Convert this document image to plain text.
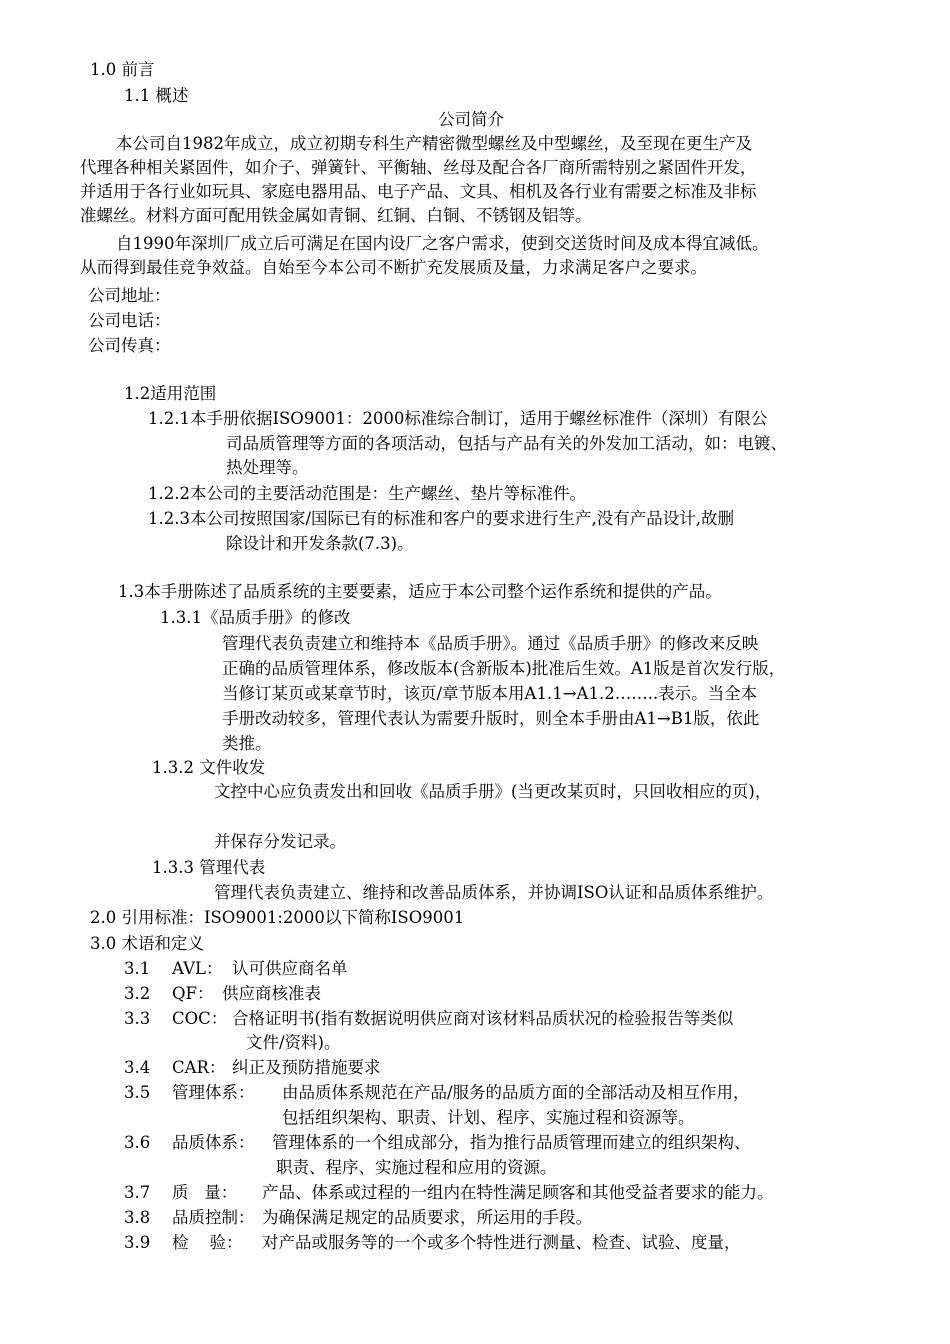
1.0 前言

1.1 概述

公司简介

本公司自1982年成立，成立初期专科生产精密微型螺丝及中型螺丝，及至现在更生产及

代理各种相关紧固件，如介子、弹簧针、平衡轴、丝母及配合各厂商所需特别之紧固件开发，

并适用于各行业如玩具、家庭电器用品、电子产品、文具、相机及各行业有需要之标准及非标

准螺丝。材料方面可配用铁金属如青铜、红铜、白铜、不锈钢及铝等。

自1990年深圳厂成立后可满足在国内设厂之客户需求，使到交送货时间及成本得宜减低。

从而得到最佳竞争效益。自始至今本公司不断扩充发展质及量，力求满足客户之要求。

公司地址：

公司电话：

公司传真：

1.2适用范围

1.2.1本手册依据ISO9001：2000标准综合制订，适用于螺丝标准件（深圳）有限公

司品质管理等方面的各项活动，包括与产品有关的外发加工活动，如：电镀、

热处理等。

1.2.2本公司的主要活动范围是：生产螺丝、垫片等标准件。

1.2.3本公司按照国家/国际已有的标准和客户的要求进行生产,没有产品设计,故删

除设计和开发条款(7.3)。

1.3本手册陈述了品质系统的主要要素，适应于本公司整个运作系统和提供的产品。

1.3.1《品质手册》的修改

管理代表负责建立和维持本《品质手册》。通过《品质手册》的修改来反映

正确的品质管理体系，修改版本(含新版本)批准后生效。A1版是首次发行版，

当修订某页或某章节时，该页/章节版本用A1.1→A1.2……..表示。当全本

手册改动较多，管理代表认为需要升版时，则全本手册由A1→B1版，依此

类推。

1.3.2 文件收发

文控中心应负责发出和回收《品质手册》(当更改某页时，只回收相应的页)，

并保存分发记录。

1.3.3 管理代表

管理代表负责建立、维持和改善品质体系，并协调ISO认证和品质体系维护。

2.0 引用标准：ISO9001:2000以下简称ISO9001

3.0 术语和定义

3.1 AVL： 认可供应商名单

3.2 QF： 供应商核准表

3.3 COC： 合格证明书(指有数据说明供应商对该材料品质状况的检验报告等类似

文件/资料)。

3.4 CAR： 纠正及预防措施要求

3.5 管理体系： 由品质体系规范在产品/服务的品质方面的全部活动及相互作用，

包括组织架构、职责、计划、程序、实施过程和资源等。

3.6 品质体系： 管理体系的一个组成部分，指为推行品质管理而建立的组织架构、

职责、程序、实施过程和应用的资源。

3.7 质   量： 产品、体系或过程的一组内在特性满足顾客和其他受益者要求的能力。

3.8 品质控制： 为确保满足规定的品质要求，所运用的手段。

3.9 检    验： 对产品或服务等的一个或多个特性进行测量、检查、试验、度量，
